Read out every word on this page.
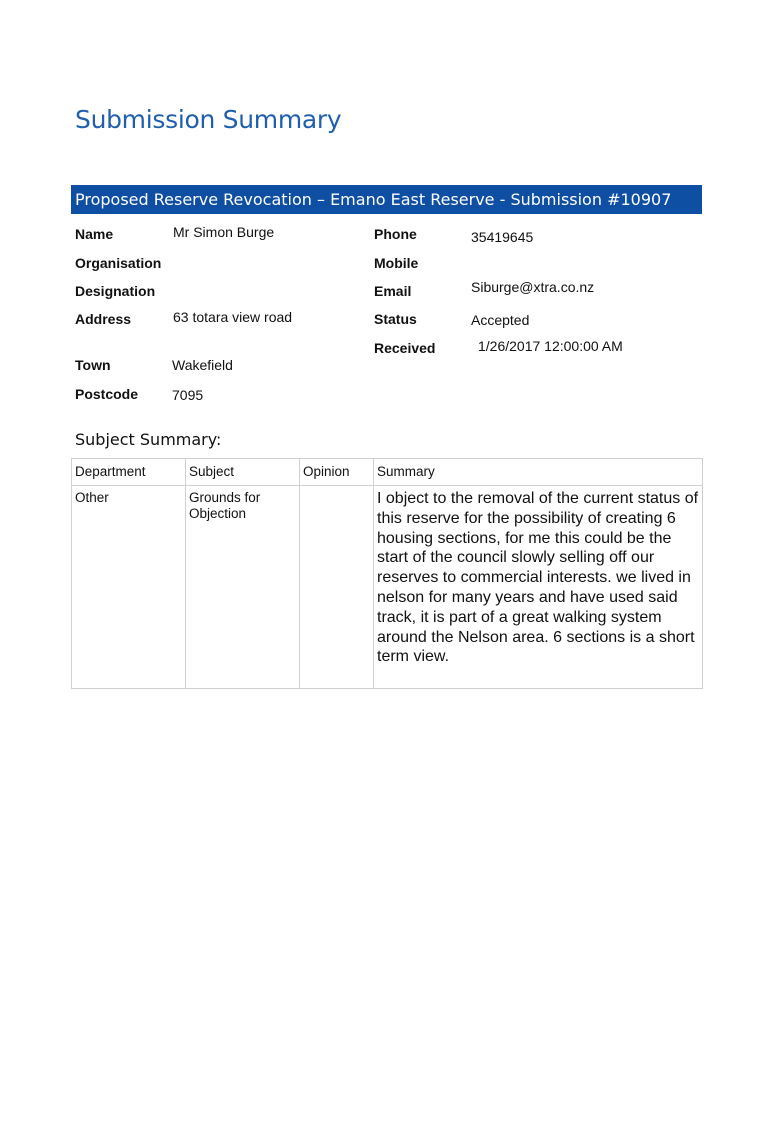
Submission Summary
Proposed Reserve Revocation – Emano East Reserve - Submission #10907
Name	Mr Simon Burge
Organisation
Designation
Address	63 totara view road
Town	Wakefield
Postcode 7095
Phone	35419645
Mobile
Email	Siburge@xtra.co.nz
Status	Accepted
Received	1/26/2017 12:00:00 AM
Subject Summary:
Department	Subject	Opinion	Summary
Other	Grounds for Objection		I object to the removal of the current status of this reserve for the possibility of creating 6 housing sections, for me this could be the start of the council slowly selling off our reserves to commercial interests. we lived in nelson for many years and have used said track, it is part of a great walking system around the Nelson area. 6 sections is a short term view.
